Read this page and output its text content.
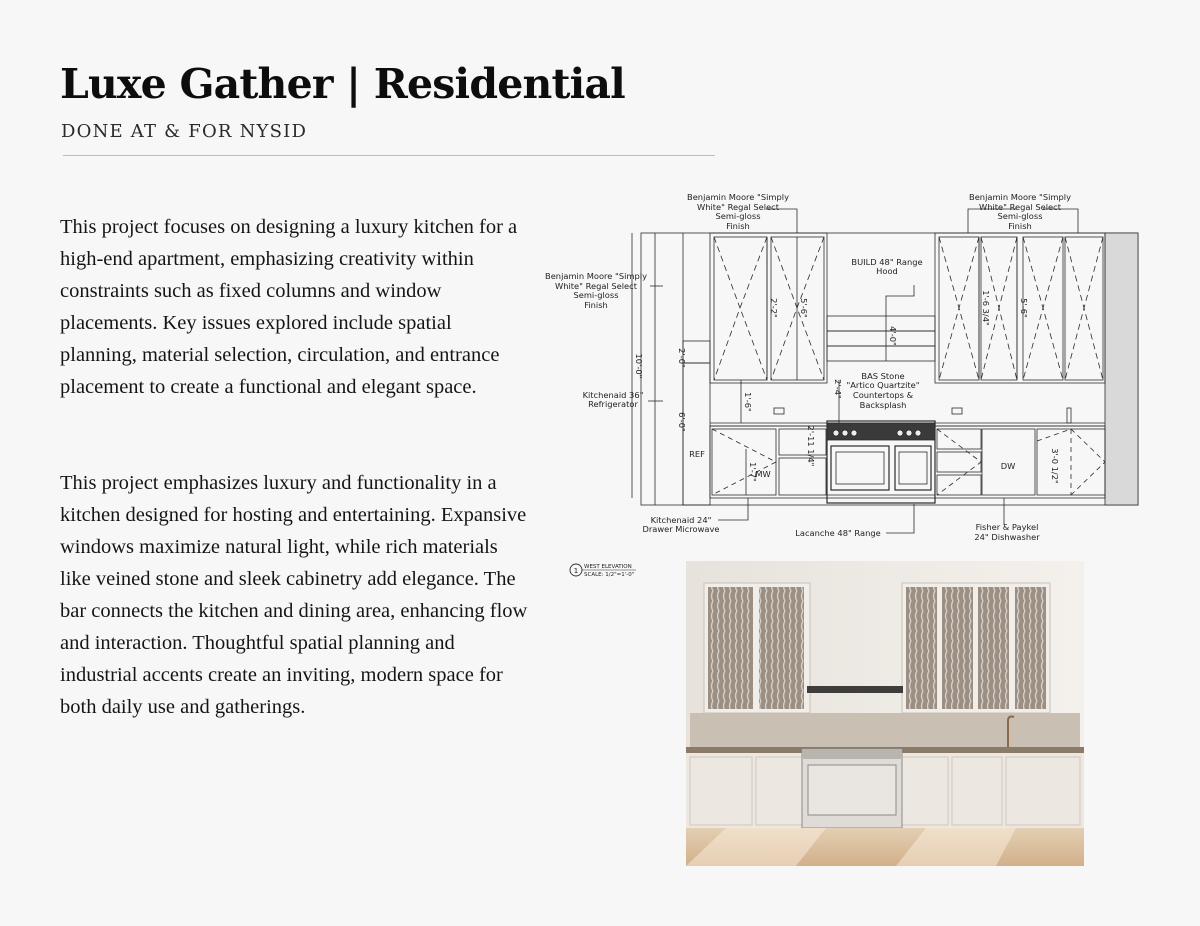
Luxe Gather | Residential
DONE AT & FOR NYSID

This project focuses on designing a luxury kitchen for a high-end apartment, emphasizing creativity within constraints such as fixed columns and window placements. Key issues explored include spatial planning, material selection, circulation, and entrance placement to create a functional and elegant space.

This project emphasizes luxury and functionality in a kitchen designed for hosting and entertaining. Expansive windows maximize natural light, while rich materials like veined stone and sleek cabinetry add elegance. The bar connects the kitchen and dining area, enhancing flow and interaction. Thoughtful spatial planning and industrial accents create an inviting, modern space for both daily use and gatherings.

Benjamin Moore "Simply
White" Regal Select
Semi-gloss
Finish
Benjamin Moore "Simply
White" Regal Select
Semi-gloss
Finish
Benjamin Moore "Simply
White" Regal Select
Semi-gloss
Finish
BUILD 48" Range
Hood
BAS Stone
"Artico Quartzite"
Countertops &
Backsplash
Kitchenaid 36"
Refrigerator
Kitchenaid 24"
Drawer Microwave	Lacanche 48" Range
Fisher & Paykel
24" Dishwasher
REF
MW
DW
10'-0"	2'-0"
6'-0"
2'-2" 5'-6"	1'-6 3/4"	5'-6"
4'-0"
1'-6"
2'-4"
1'-7"
2'-11 1/4"	3'-0 1/2"
1 WEST ELEVATION
SCALE: 1/2"=1'-0"
